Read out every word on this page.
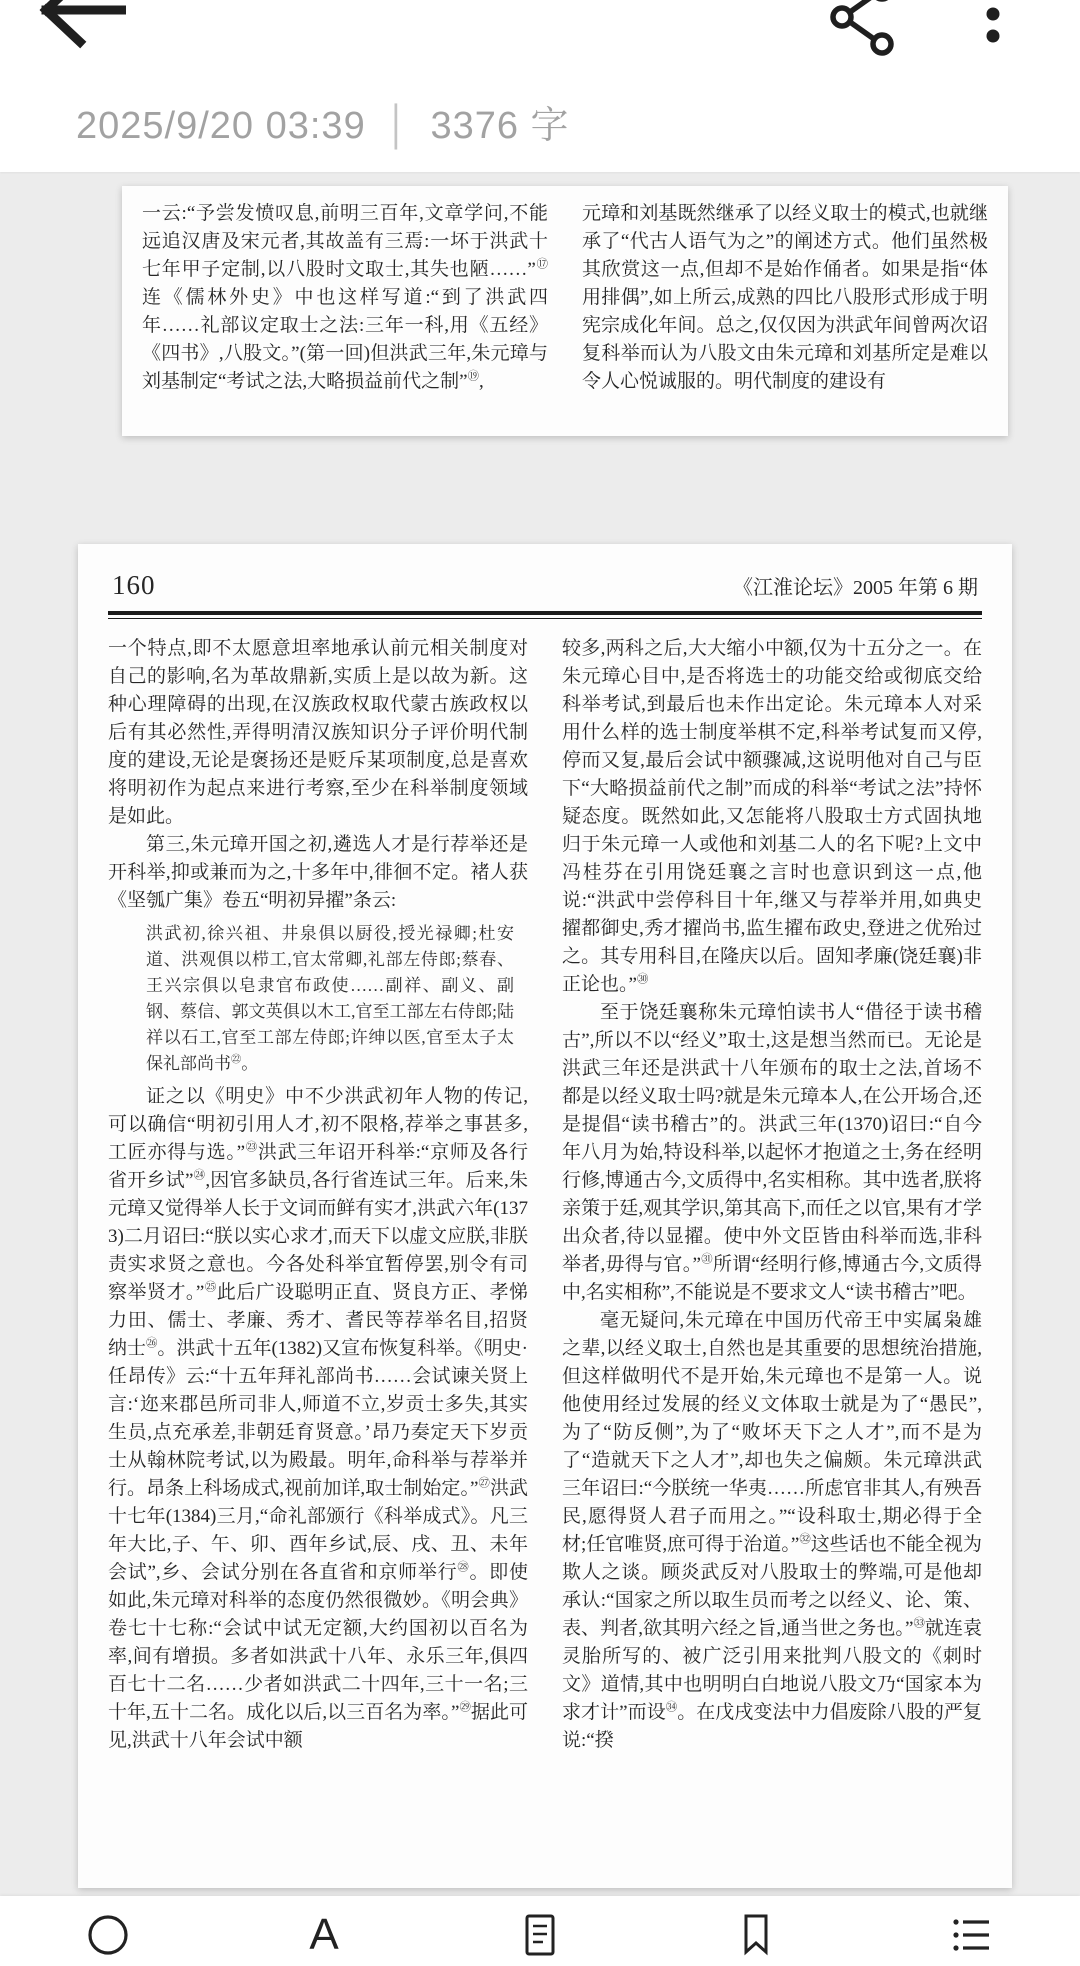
2025/9/20 03:39 │ 3376 字

一云:“予尝发愤叹息,前明三百年,文章学问,不能远追汉唐及宋元者,其故盖有三焉:一坏于洪武十七年甲子定制,以八股时文取士,其失也陋……”⑰连《儒林外史》中也这样写道:“到了洪武四年……礼部议定取士之法:三年一科,用《五经》《四书》,八股文。”(第一回)但洪武三年,朱元璋与刘基制定“考试之法,大略损益前代之制”⑲,

元璋和刘基既然继承了以经义取士的模式,也就继承了“代古人语气为之”的阐述方式。他们虽然极其欣赏这一点,但却不是始作俑者。如果是指“体用排偶”,如上所云,成熟的四比八股形式形成于明宪宗成化年间。总之,仅仅因为洪武年间曾两次诏复科举而认为八股文由朱元璋和刘基所定是难以令人心悦诚服的。明代制度的建设有

160	《江淮论坛》2005 年第 6 期

一个特点,即不太愿意坦率地承认前元相关制度对自己的影响,名为革故鼎新,实质上是以故为新。这种心理障碍的出现,在汉族政权取代蒙古族政权以后有其必然性,弄得明清汉族知识分子评价明代制度的建设,无论是褒扬还是贬斥某项制度,总是喜欢将明初作为起点来进行考察,至少在科举制度领域是如此。

第三,朱元璋开国之初,遴选人才是行荐举还是开科举,抑或兼而为之,十多年中,徘徊不定。褚人获《坚瓠广集》卷五“明初异擢”条云:

洪武初,徐兴祖、井泉俱以厨役,授光禄卿;杜安道、洪观俱以栉工,官太常卿,礼部左侍郎;蔡春、王兴宗俱以皂隶官布政使……副祥、副义、副钢、蔡信、郭文英俱以木工,官至工部左右侍郎;陆祥以石工,官至工部左侍郎;许绅以医,官至太子太保礼部尚书$^㉒$。

证之以《明史》中不少洪武初年人物的传记,可以确信“明初引用人才,初不限格,荐举之事甚多,工匠亦得与选。”$^㉓$洪武三年诏开科举:“京师及各行省开乡试”$^㉔$,因官多缺员,各行省连试三年。后来,朱元璋又觉得举人长于文词而鲜有实才,洪武六年(1373)二月诏曰:“朕以实心求才,而天下以虚文应朕,非朕责实求贤之意也。今各处科举宜暂停罢,别令有司察举贤才。”$^㉕$此后广设聪明正直、贤良方正、孝悌力田、儒士、孝廉、秀才、耆民等荐举名目,招贤纳士$^㉖$。洪武十五年(1382)又宣布恢复科举。《明史·任昂传》云:“十五年拜礼部尚书……会试谏关贤上言:‘迩来郡邑所司非人,师道不立,岁贡士多失,其实生员,点充承差,非朝廷育贤意。’昂乃奏定天下岁贡士从翰林院考试,以为殿最。明年,命科举与荐举并行。昂条上科场成式,视前加详,取士制始定。”$^㉗$洪武十七年(1384)三月,“命礼部颁行《科举成式》。凡三年大比,子、午、卯、酉年乡试,辰、戌、丑、未年会试”,乡、会试分别在各直省和京师举行$^㉘$。即使如此,朱元璋对科举的态度仍然很微妙。《明会典》卷七十七称:“会试中试无定额,大约国初以百名为率,间有增损。多者如洪武十八年、永乐三年,俱四百七十二名……少者如洪武二十四年,三十一名;三十年,五十二名。成化以后,以三百名为率。”$^㉙$据此可见,洪武十八年会试中额

较多,两科之后,大大缩小中额,仅为十五分之一。在朱元璋心目中,是否将选士的功能交给或彻底交给科举考试,到最后也未作出定论。朱元璋本人对采用什么样的选士制度举棋不定,科举考试复而又停,停而又复,最后会试中额骤减,这说明他对自己与臣下“大略损益前代之制”而成的科举“考试之法”持怀疑态度。既然如此,又怎能将八股取士方式固执地归于朱元璋一人或他和刘基二人的名下呢?上文中冯桂芬在引用饶廷襄之言时也意识到这一点,他说:“洪武中尝停科目十年,继又与荐举并用,如典史擢都御史,秀才擢尚书,监生擢布政史,登进之优殆过之。其专用科目,在隆庆以后。固知孝廉(饶廷襄)非正论也。”$^㉚$

至于饶廷襄称朱元璋怕读书人“借径于读书稽古”,所以不以“经义”取士,这是想当然而已。无论是洪武三年还是洪武十八年颁布的取士之法,首场不都是以经义取士吗?就是朱元璋本人,在公开场合,还是提倡“读书稽古”的。洪武三年(1370)诏曰:“自今年八月为始,特设科举,以起怀才抱道之士,务在经明行修,博通古今,文质得中,名实相称。其中选者,朕将亲策于廷,观其学识,第其高下,而任之以官,果有才学出众者,待以显擢。使中外文臣皆由科举而选,非科举者,毋得与官。”$^㉛$所谓“经明行修,博通古今,文质得中,名实相称”,不能说是不要求文人“读书稽古”吧。

毫无疑问,朱元璋在中国历代帝王中实属枭雄之辈,以经义取士,自然也是其重要的思想统治措施,但这样做明代不是开始,朱元璋也不是第一人。说他使用经过发展的经义文体取士就是为了“愚民”,为了“防反侧”,为了“败坏天下之人才”,而不是为了“造就天下之人才”,却也失之偏颇。朱元璋洪武三年诏曰:“今朕统一华夷……所虑官非其人,有殃吾民,愿得贤人君子而用之。”“设科取士,期必得于全材;任官唯贤,庶可得于治道。”$^㉜$这些话也不能全视为欺人之谈。顾炎武反对八股取士的弊端,可是他却承认:“国家之所以取生员而考之以经义、论、策、表、判者,欲其明六经之旨,通当世之务也。”$^㉝$就连袁灵胎所写的、被广泛引用来批判八股文的《刺时文》道情,其中也明明白白地说八股文乃“国家本为求才计”而设$^㉞$。在戊戌变法中力倡废除八股的严复说:“揆

A
